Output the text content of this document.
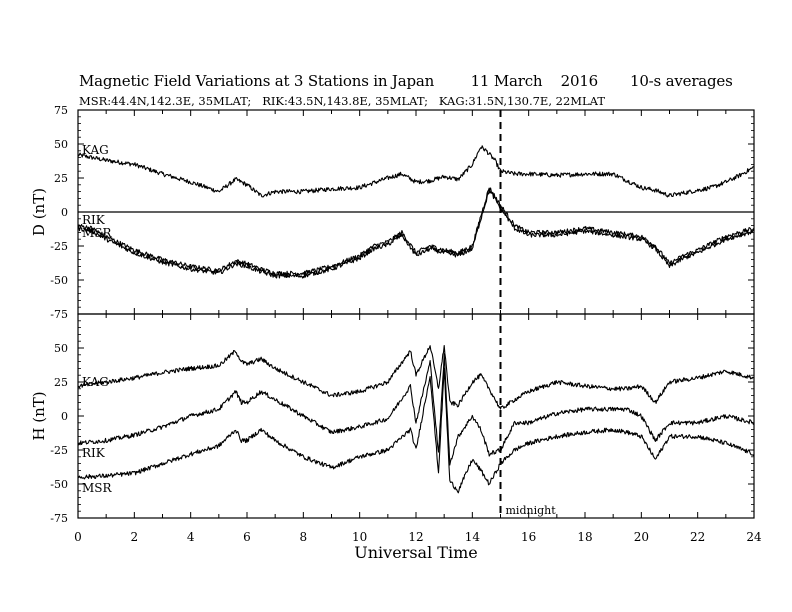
75
50
25
0
-25
-50
-75
D (nT)
KAG
RIK
MSR
50
25
0
-25
-50
-75
H (nT)
KAG
RIK
MSR
midnight
0	2	4	6	8	10	12	14	16	18	20	22	24
Universal Time
Magnetic Field Variations at 3 Stations in Japan        11 March    2016       10-s averages
MSR:44.4N,142.3E, 35MLAT;   RIK:43.5N,143.8E, 35MLAT;   KAG:31.5N,130.7E, 22MLAT
